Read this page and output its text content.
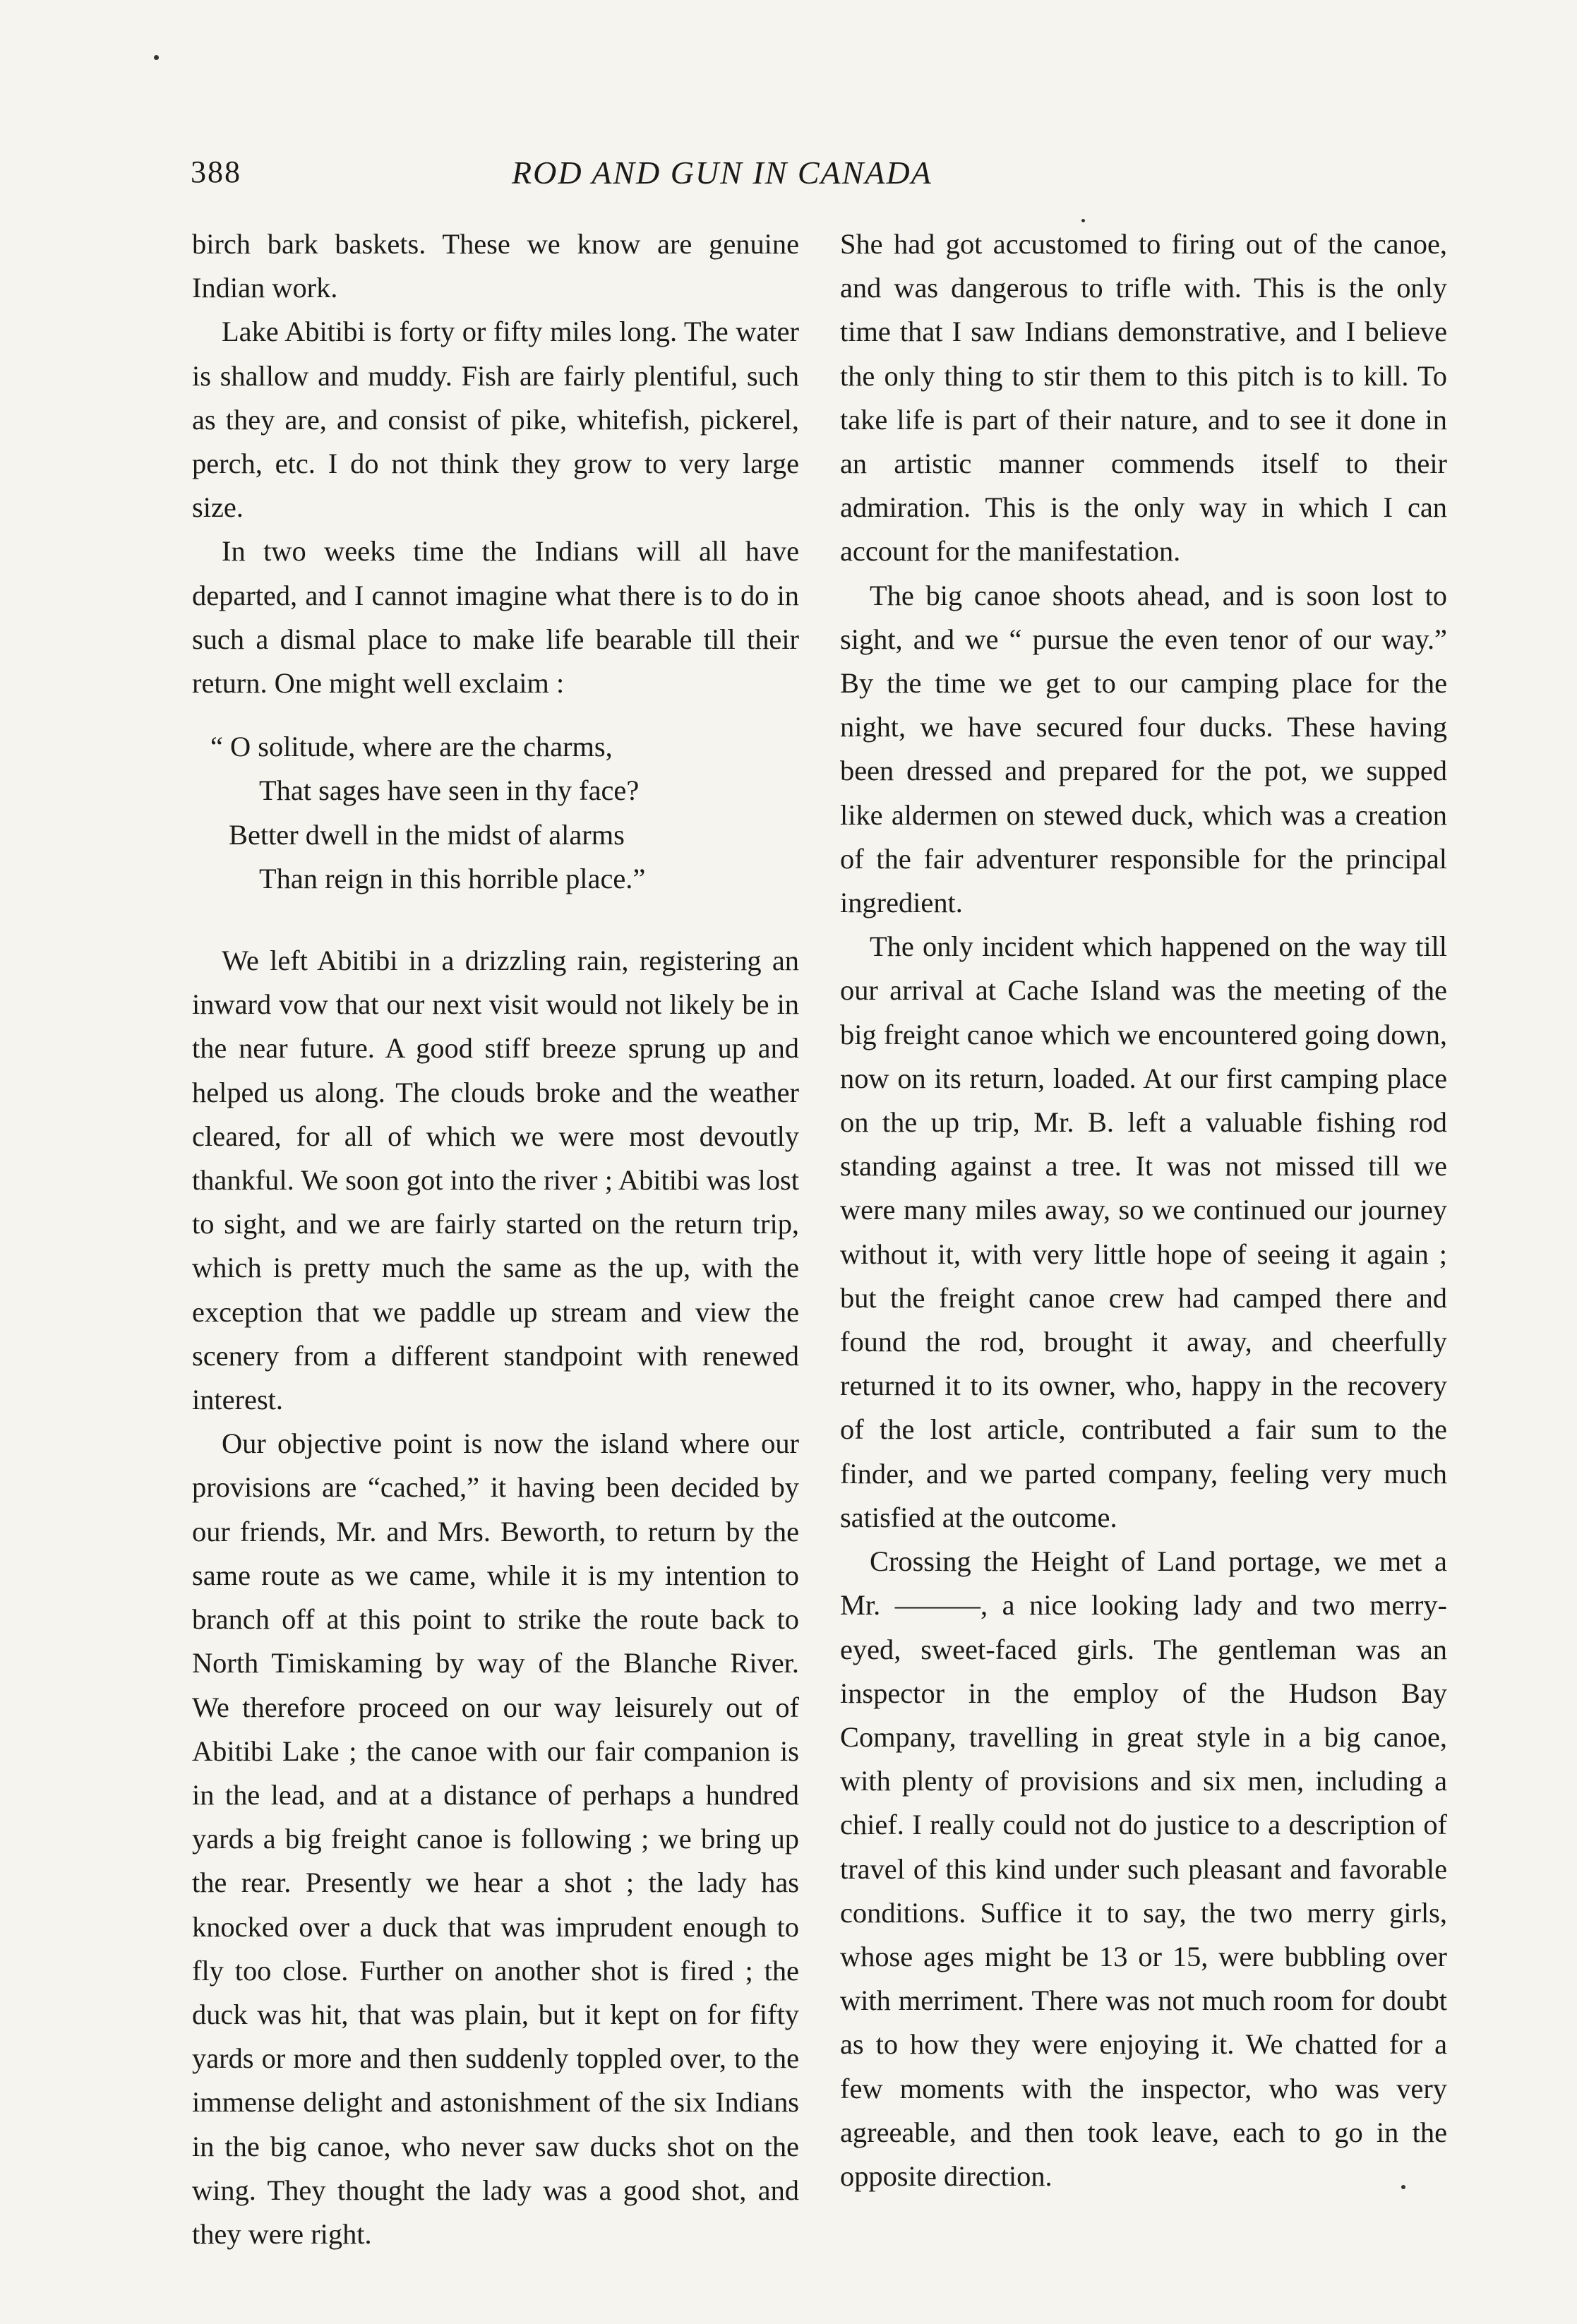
388	ROD AND GUN IN CANADA

birch bark baskets. These we know are genuine Indian work.

Lake Abitibi is forty or fifty miles long. The water is shallow and muddy. Fish are fairly plentiful, such as they are, and consist of pike, whitefish, pickerel, perch, etc. I do not think they grow to very large size.

In two weeks time the Indians will all have departed, and I cannot imagine what there is to do in such a dismal place to make life bearable till their return. One might well exclaim :

“ O solitude, where are the charms,
That sages have seen in thy face?
Better dwell in the midst of alarms
Than reign in this horrible place.”

We left Abitibi in a drizzling rain, registering an inward vow that our next visit would not likely be in the near future. A good stiff breeze sprung up and helped us along. The clouds broke and the weather cleared, for all of which we were most devoutly thankful. We soon got into the river ; Abitibi was lost to sight, and we are fairly started on the return trip, which is pretty much the same as the up, with the exception that we paddle up stream and view the scenery from a different standpoint with renewed interest.

Our objective point is now the island where our provisions are “cached,” it having been decided by our friends, Mr. and Mrs. Beworth, to return by the same route as we came, while it is my intention to branch off at this point to strike the route back to North Timiskaming by way of the Blanche River. We therefore proceed on our way leisurely out of Abitibi Lake ; the canoe with our fair companion is in the lead, and at a distance of perhaps a hundred yards a big freight canoe is following ; we bring up the rear. Presently we hear a shot ; the lady has knocked over a duck that was imprudent enough to fly too close. Further on another shot is fired ; the duck was hit, that was plain, but it kept on for fifty yards or more and then suddenly toppled over, to the immense delight and astonishment of the six Indians in the big canoe, who never saw ducks shot on the wing. They thought the lady was a good shot, and they were right.

She had got accustomed to firing out of the canoe, and was dangerous to trifle with. This is the only time that I saw Indians demonstrative, and I believe the only thing to stir them to this pitch is to kill. To take life is part of their nature, and to see it done in an artistic manner commends itself to their admiration. This is the only way in which I can account for the manifestation.

The big canoe shoots ahead, and is soon lost to sight, and we “ pursue the even tenor of our way.” By the time we get to our camping place for the night, we have secured four ducks. These having been dressed and prepared for the pot, we supped like aldermen on stewed duck, which was a creation of the fair adventurer responsible for the principal ingredient.

The only incident which happened on the way till our arrival at Cache Island was the meeting of the big freight canoe which we encountered going down, now on its return, loaded. At our first camping place on the up trip, Mr. B. left a valuable fishing rod standing against a tree. It was not missed till we were many miles away, so we continued our journey without it, with very little hope of seeing it again ; but the freight canoe crew had camped there and found the rod, brought it away, and cheerfully returned it to its owner, who, happy in the recovery of the lost article, contributed a fair sum to the finder, and we parted company, feeling very much satisfied at the outcome.

Crossing the Height of Land portage, we met a Mr. ———, a nice looking lady and two merry-eyed, sweet-faced girls. The gentleman was an inspector in the employ of the Hudson Bay Company, travelling in great style in a big canoe, with plenty of provisions and six men, including a chief. I really could not do justice to a description of travel of this kind under such pleasant and favorable conditions. Suffice it to say, the two merry girls, whose ages might be 13 or 15, were bubbling over with merriment. There was not much room for doubt as to how they were enjoying it. We chatted for a few moments with the inspector, who was very agreeable, and then took leave, each to go in the opposite direction.
